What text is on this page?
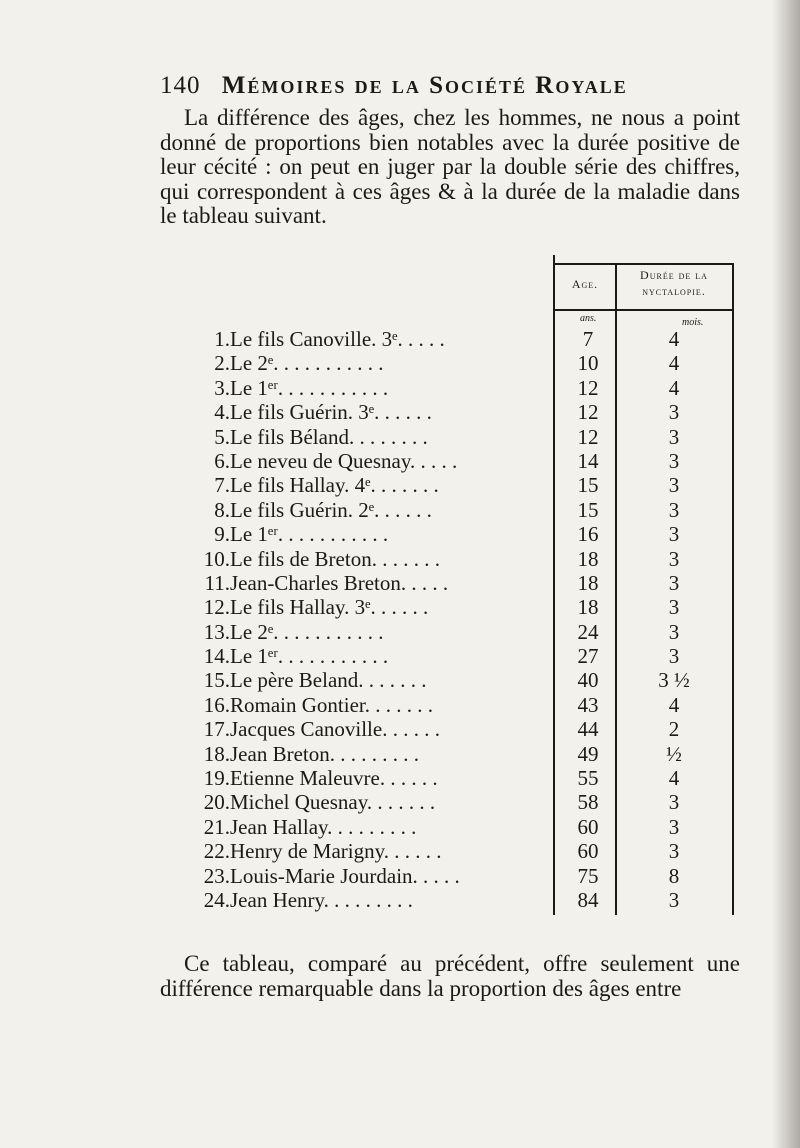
140 Mémoires de la Société Royale

La différence des âges, chez les hommes, ne nous a point donné de proportions bien notables avec la durée positive de leur cécité : on peut en juger par la double série des chiffres, qui correspondent à ces âges & à la durée de la maladie dans le tableau suivant.

Age.
Durée de la nyctalopie.
ans.	mois.
1. Le fils Canoville. 3ᵉ. . . . .	7	4
2. Le 2ᵉ. . . . . . . . . . .	10	4
3. Le 1ᵉʳ. . . . . . . . . . .	12	4
4. Le fils Guérin. 3ᵉ. . . . . .	12	3
5. Le fils Béland. . . . . . . .	12	3
6. Le neveu de Quesnay. . . . .	14	3
7. Le fils Hallay. 4ᵉ. . . . . . .	15	3
8. Le fils Guérin. 2ᵉ. . . . . .	15	3
9. Le 1ᵉʳ. . . . . . . . . . .	16	3
10. Le fils de Breton. . . . . . .	18	3
11. Jean-Charles Breton. . . . .	18	3
12. Le fils Hallay. 3ᵉ. . . . . .	18	3
13. Le 2ᵉ. . . . . . . . . . .	24	3
14. Le 1ᵉʳ. . . . . . . . . . .	27	3
15. Le père Beland. . . . . . .	40	3 ½
16. Romain Gontier. . . . . . .	43	4
17. Jacques Canoville. . . . . .	44	2
18. Jean Breton. . . . . . . . .	49	½
19. Etienne Maleuvre. . . . . .	55	4
20. Michel Quesnay. . . . . . .	58	3
21. Jean Hallay. . . . . . . . .	60	3
22. Henry de Marigny. . . . . .	60	3
23. Louis-Marie Jourdain. . . . .	75	8
24. Jean Henry. . . . . . . . .	84	3

Ce tableau, comparé au précédent, offre seulement une différence remarquable dans la proportion des âges entre
